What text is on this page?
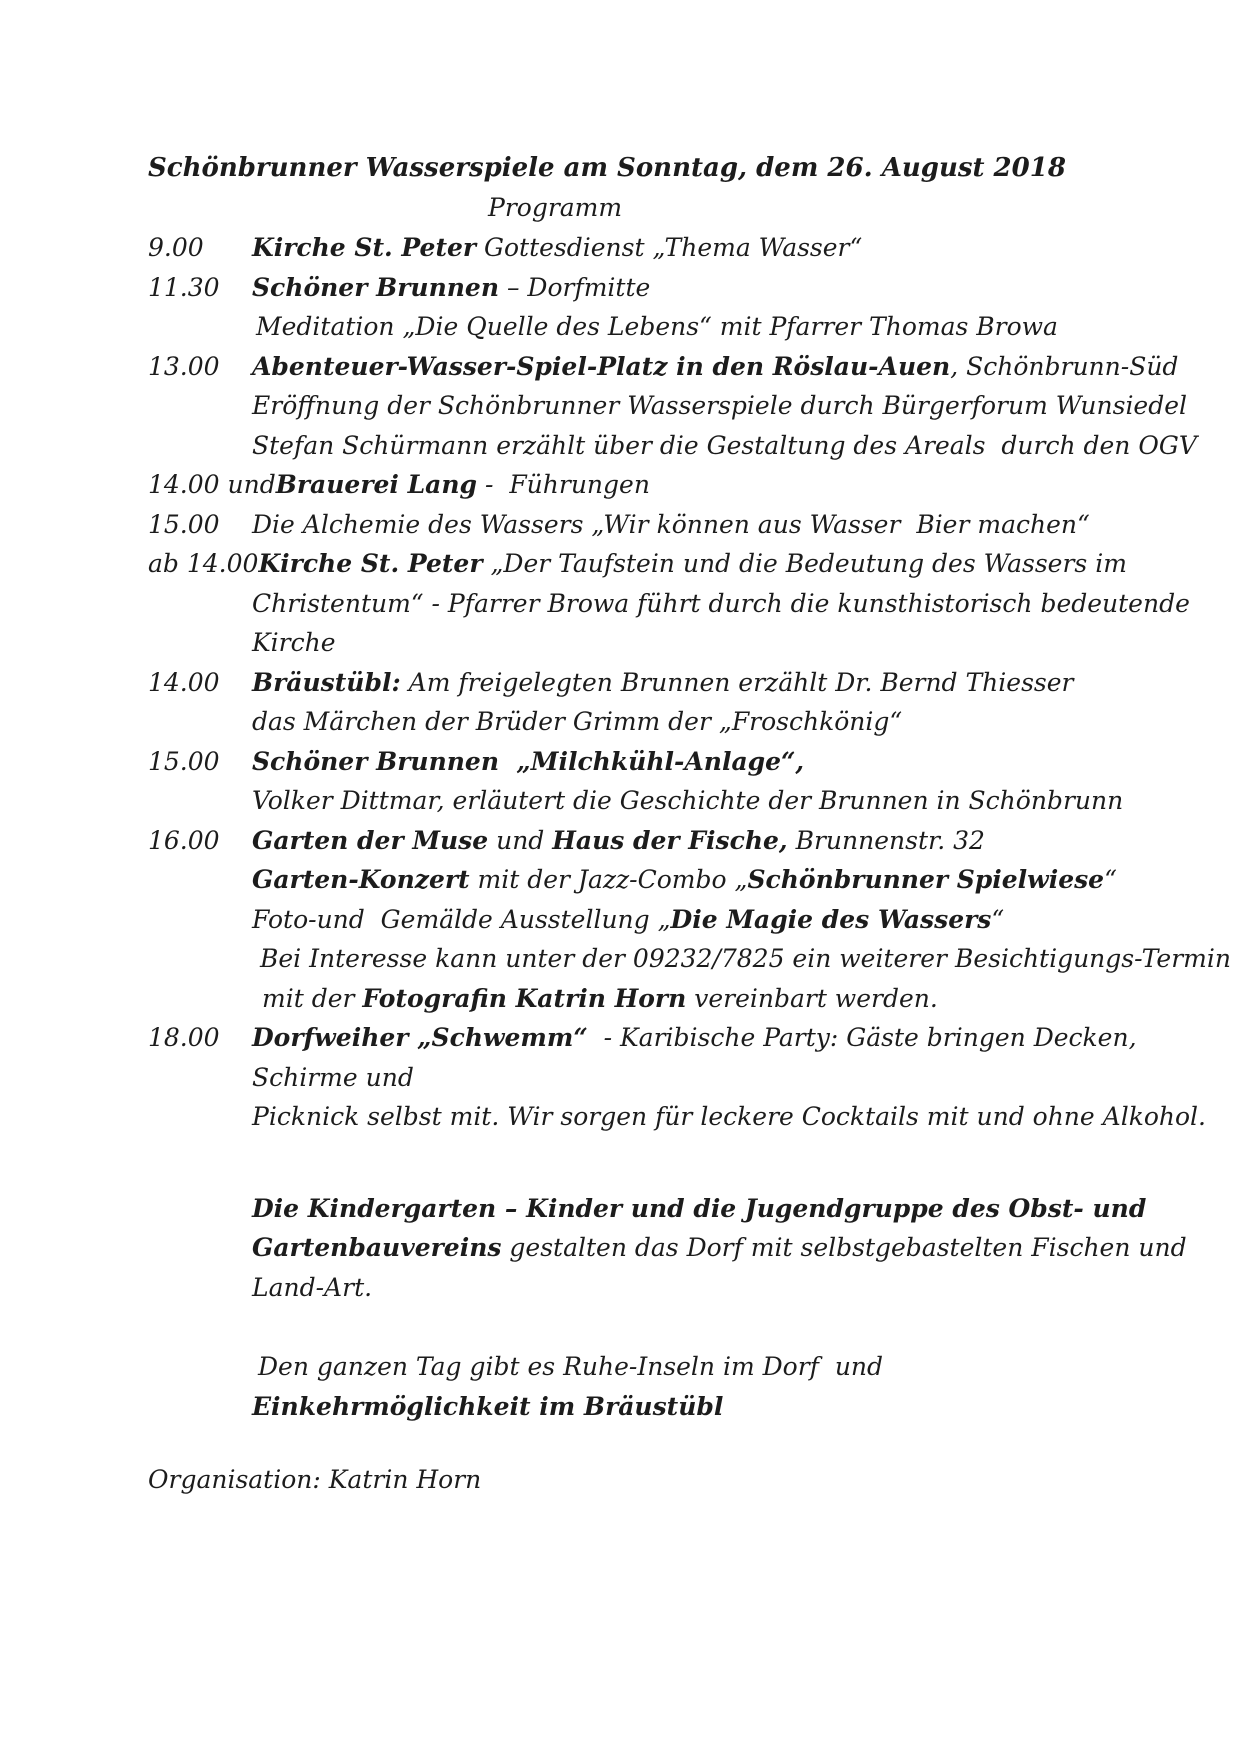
Schönbrunner Wasserspiele am Sonntag, dem 26. August 2018
Programm
9.00	Kirche St. Peter Gottesdienst „Thema Wasser“
11.30	Schöner Brunnen – Dorfmitte
Meditation „Die Quelle des Lebens“ mit Pfarrer Thomas Browa
13.00	Abenteuer-Wasser-Spiel-Platz in den Röslau-Auen, Schönbrunn-Süd
Eröffnung der Schönbrunner Wasserspiele durch Bürgerforum Wunsiedel
Stefan Schürmann erzählt über die Gestaltung des Areals  durch den OGV
14.00 und Brauerei Lang -  Führungen
15.00	Die Alchemie des Wassers „Wir können aus Wasser  Bier machen“
ab 14.00 Kirche St. Peter „Der Taufstein und die Bedeutung des Wassers im
Christentum“ - Pfarrer Browa führt durch die kunsthistorisch bedeutende Kirche
14.00	Bräustübl: Am freigelegten Brunnen erzählt Dr. Bernd Thiesser
das Märchen der Brüder Grimm der „Froschkönig“
15.00	Schöner Brunnen  „Milchkühl-Anlage“,
Volker Dittmar, erläutert die Geschichte der Brunnen in Schönbrunn
16.00	Garten der Muse und Haus der Fische, Brunnenstr. 32
Garten-Konzert mit der Jazz-Combo „Schönbrunner Spielwiese“
Foto-und  Gemälde Ausstellung „Die Magie des Wassers“
Bei Interesse kann unter der 09232/7825 ein weiterer Besichtigungs-Termin
mit der Fotografin Katrin Horn vereinbart werden.
18.00	Dorfweiher „Schwemm“  - Karibische Party: Gäste bringen Decken, Schirme und
Picknick selbst mit. Wir sorgen für leckere Cocktails mit und ohne Alkohol.
Die Kindergarten – Kinder und die Jugendgruppe des Obst- und
Gartenbauvereins gestalten das Dorf mit selbstgebastelten Fischen und Land-Art.
Den ganzen Tag gibt es Ruhe-Inseln im Dorf  und
Einkehrmöglichkeit im Bräustübl
Organisation: Katrin Horn
